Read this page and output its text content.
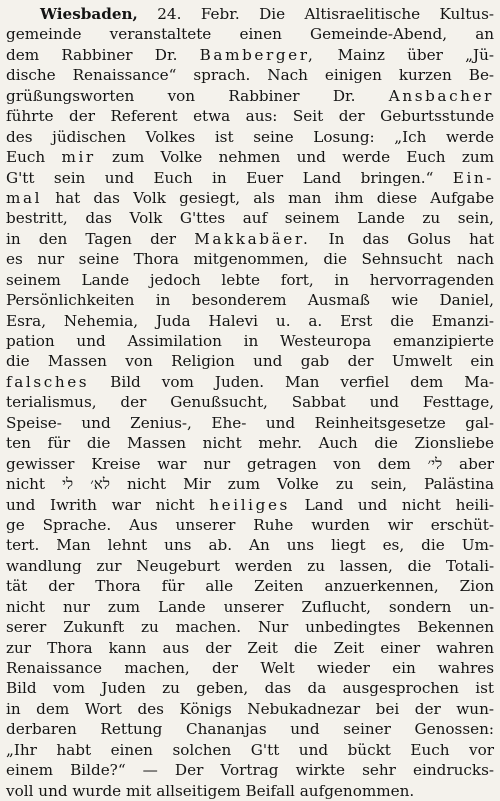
Wiesbaden, 24. Febr. Die Altisraelitische Kultus-
gemeinde veranstaltete einen Gemeinde-Abend, an
dem Rabbiner Dr. Bamberger, Mainz über „Jü-
dische Renaissance“ sprach. Nach einigen kurzen Be-
grüßungsworten von Rabbiner Dr. Ansbacher
führte der Referent etwa aus: Seit der Geburtsstunde
des jüdischen Volkes ist seine Losung: „Ich werde
Euch mir zum Volke nehmen und werde Euch zum
G'tt sein und Euch in Euer Land bringen.“ Ein-
mal hat das Volk gesiegt, als man ihm diese Aufgabe
bestritt, das Volk G'ttes auf seinem Lande zu sein,
in den Tagen der Makkabäer. In das Golus hat
es nur seine Thora mitgenommen, die Sehnsucht nach
seinem Lande jedoch lebte fort, in hervorragenden
Persönlichkeiten in besonderem Ausmaß wie Daniel,
Esra, Nehemia, Juda Halevi u. a. Erst die Emanzi-
pation und Assimilation in Westeuropa emanzipierte
die Massen von Religion und gab der Umwelt ein
falsches Bild vom Juden. Man verfiel dem Ma-
terialismus, der Genußsucht, Sabbat und Festtage,
Speise- und Zenius-, Ehe- und Reinheitsgesetze gal-
ten für die Massen nicht mehr. Auch die Zionsliebe
gewisser Kreise war nur getragen von dem לי׳ aber
nicht לי לא׳ nicht Mir zum Volke zu sein, Palästina
und Iwrith war nicht heiliges Land und nicht heili-
ge Sprache. Aus unserer Ruhe wurden wir erschüt-
tert. Man lehnt uns ab. An uns liegt es, die Um-
wandlung zur Neugeburt werden zu lassen, die Totali-
tät der Thora für alle Zeiten anzuerkennen, Zion
nicht nur zum Lande unserer Zuflucht, sondern un-
serer Zukunft zu machen. Nur unbedingtes Bekennen
zur Thora kann aus der Zeit die Zeit einer wahren
Renaissance machen, der Welt wieder ein wahres
Bild vom Juden zu geben, das da ausgesprochen ist
in dem Wort des Königs Nebukadnezar bei der wun-
derbaren Rettung Chananjas und seiner Genossen:
„Ihr habt einen solchen G'tt und bückt Euch vor
einem Bilde?“ — Der Vortrag wirkte sehr eindrucks-
voll und wurde mit allseitigem Beifall aufgenommen.
